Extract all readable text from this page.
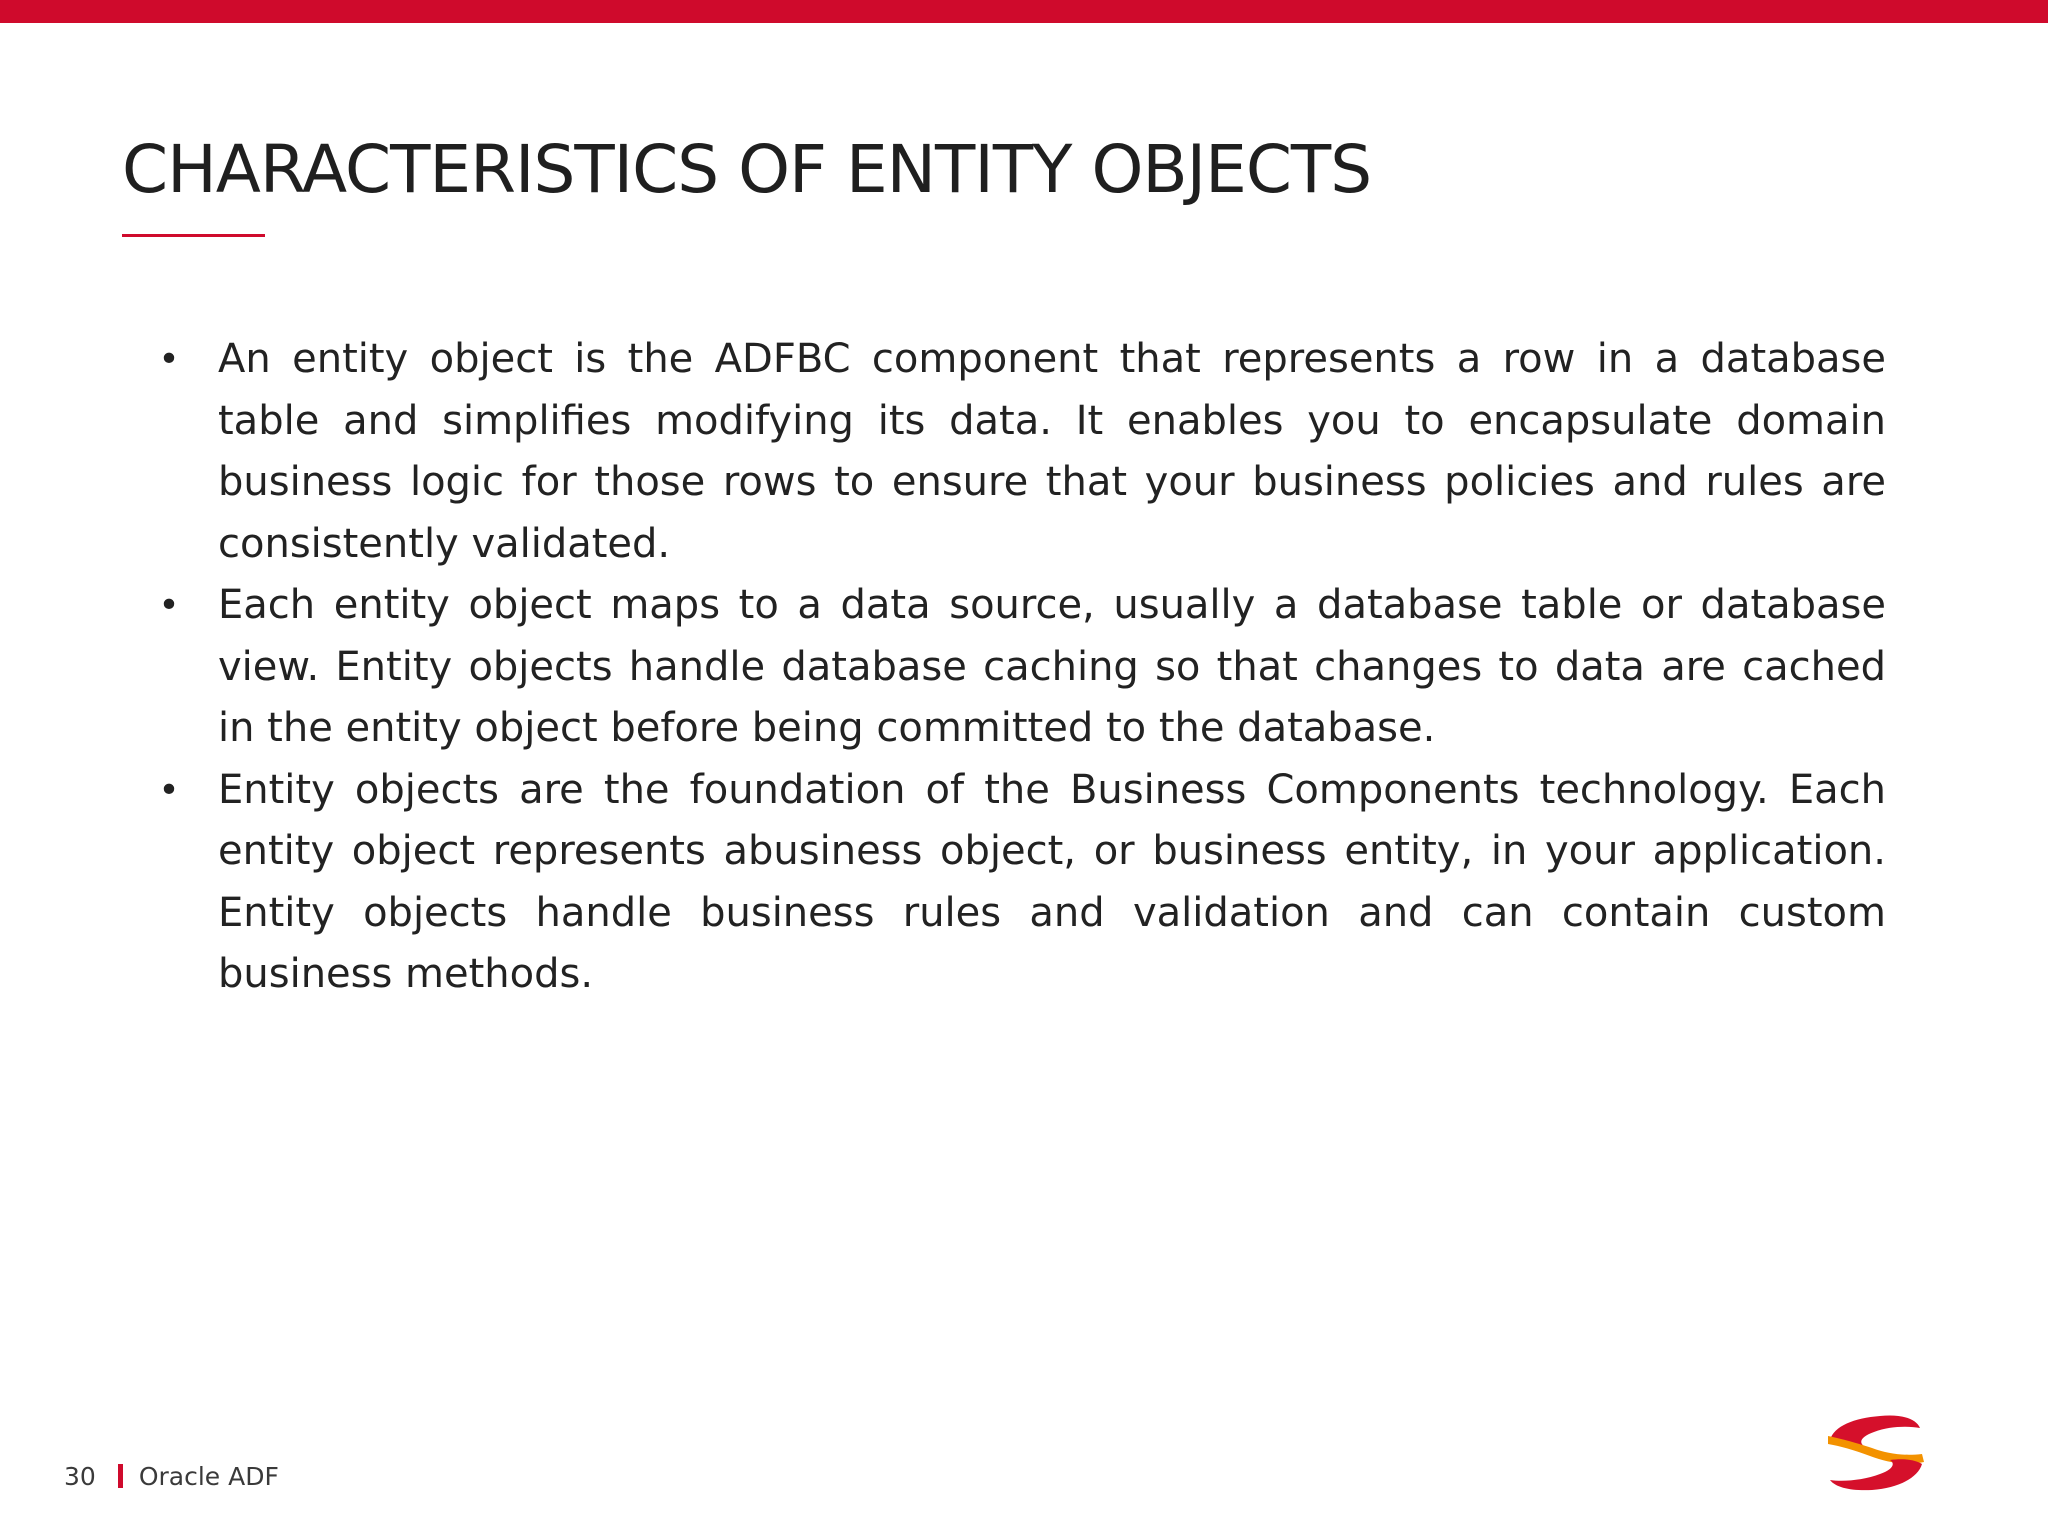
CHARACTERISTICS OF ENTITY OBJECTS
• An entity object is the ADFBC component that represents a row in a database table and simplifies modifying its data. It enables you to encapsulate domain business logic for those rows to ensure that your business policies and rules are consistently validated.
• Each entity object maps to a data source, usually a database table or database view. Entity objects handle database caching so that changes to data are cached in the entity object before being committed to the database.
• Entity objects are the foundation of the Business Components technology. Each entity object represents abusiness object, or business entity, in your application. Entity objects handle business rules and validation and can contain custom business methods.
30 Oracle ADF
